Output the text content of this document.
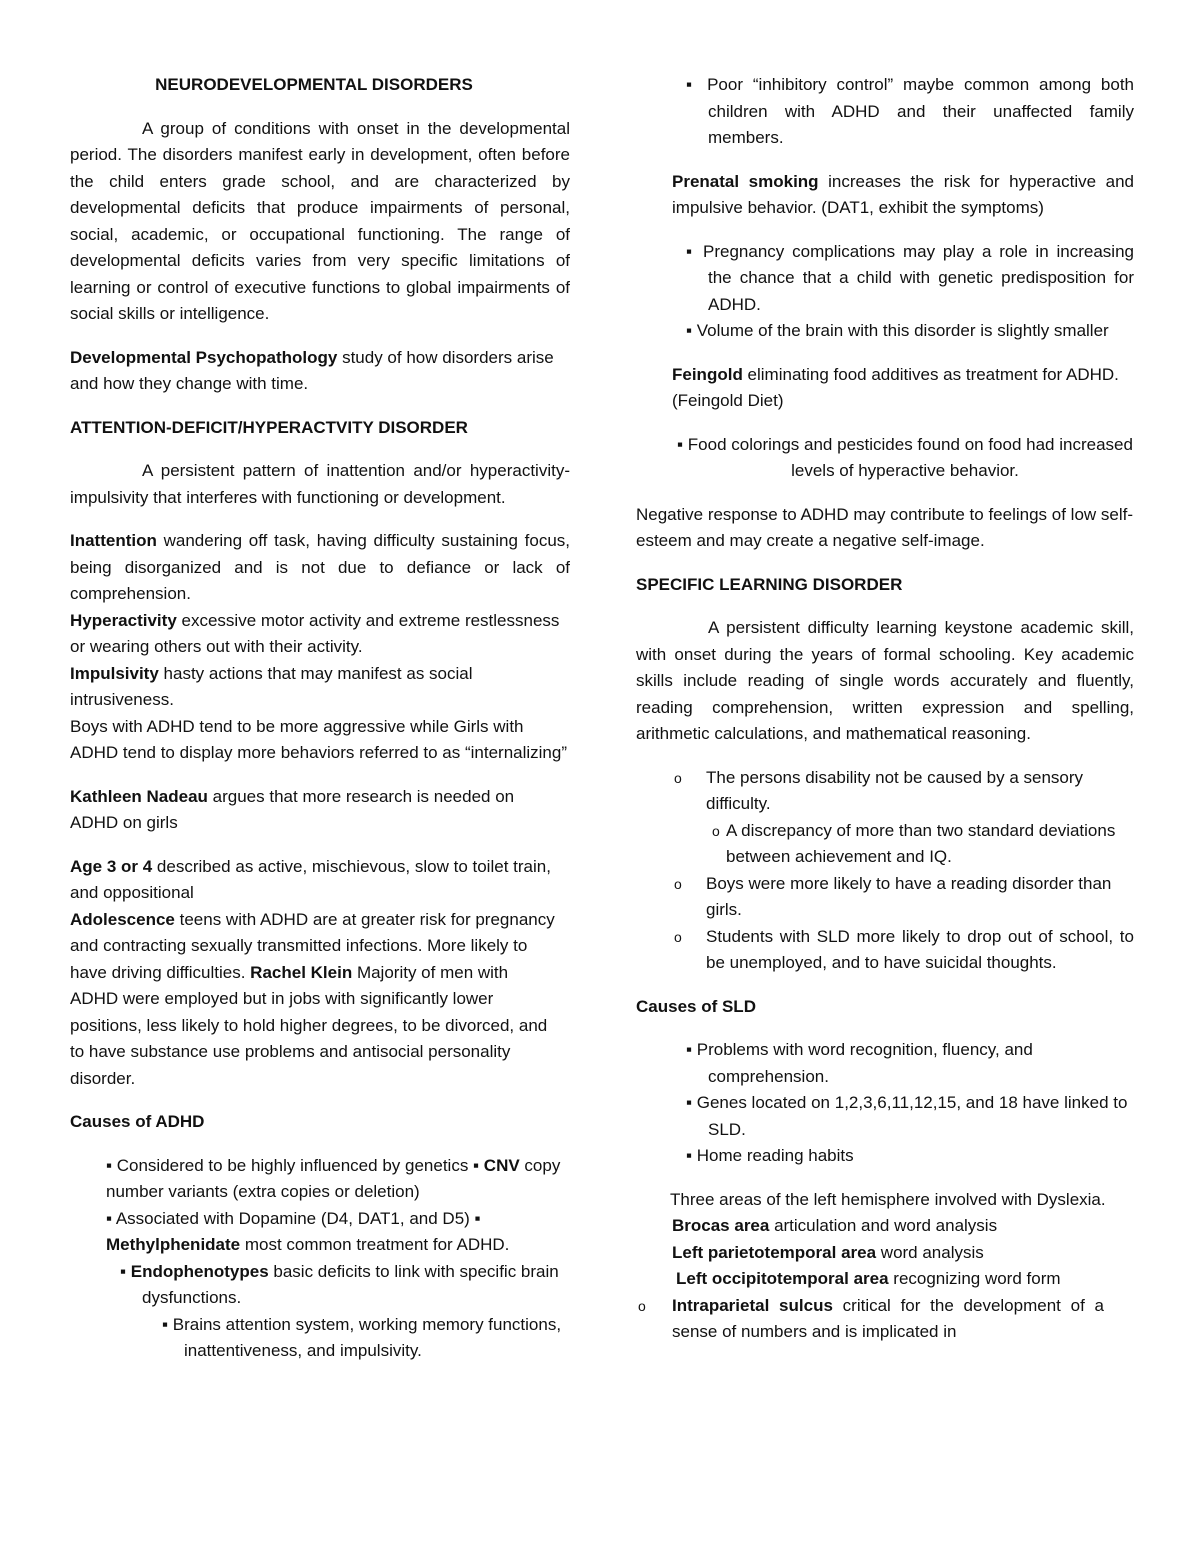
NEURODEVELOPMENTAL DISORDERS

A group of conditions with onset in the developmental period. The disorders manifest early in development, often before the child enters grade school, and are characterized by developmental deficits that produce impairments of personal, social, academic, or occupational functioning. The range of developmental deficits varies from very specific limitations of learning or control of executive functions to global impairments of social skills or intelligence.

Developmental Psychopathology study of how disorders arise and how they change with time.

ATTENTION-DEFICIT/HYPERACTVITY DISORDER

A persistent pattern of inattention and/or hyperactivity-impulsivity that interferes with functioning or development.

Inattention wandering off task, having difficulty sustaining focus, being disorganized and is not due to defiance or lack of comprehension.

Hyperactivity excessive motor activity and extreme restlessness or wearing others out with their activity.

Impulsivity hasty actions that may manifest as social intrusiveness.

Boys with ADHD tend to be more aggressive while Girls with ADHD tend to display more behaviors referred to as “internalizing”

Kathleen Nadeau argues that more research is needed on ADHD on girls

Age 3 or 4 described as active, mischievous, slow to toilet train, and oppositional

Adolescence teens with ADHD are at greater risk for pregnancy and contracting sexually transmitted infections. More likely to have driving difficulties. Rachel Klein Majority of men with ADHD were employed but in jobs with significantly lower positions, less likely to hold higher degrees, to be divorced, and to have substance use problems and antisocial personality disorder.

Causes of ADHD

▪ Considered to be highly influenced by genetics ▪ CNV copy number variants (extra copies or deletion)
▪ Associated with Dopamine (D4, DAT1, and D5) ▪ Methylphenidate most common treatment for ADHD.

▪ Endophenotypes basic deficits to link with specific brain dysfunctions.

▪ Brains attention system, working memory functions, inattentiveness, and impulsivity.

▪ Poor “inhibitory control” maybe common among both children with ADHD and their unaffected family members.

Prenatal smoking increases the risk for hyperactive and impulsive behavior. (DAT1, exhibit the symptoms)

▪ Pregnancy complications may play a role in increasing the chance that a child with genetic predisposition for ADHD.

▪ Volume of the brain with this disorder is slightly smaller

Feingold eliminating food additives as treatment for ADHD. (Feingold Diet)

▪ Food colorings and pesticides found on food had increased levels of hyperactive behavior.

Negative response to ADHD may contribute to feelings of low self-esteem and may create a negative self-image.

SPECIFIC LEARNING DISORDER

A persistent difficulty learning keystone academic skill, with onset during the years of formal schooling. Key academic skills include reading of single words accurately and fluently, reading comprehension, written expression and spelling, arithmetic calculations, and mathematical reasoning.

o The persons disability not be caused by a sensory difficulty.

o A discrepancy of more than two standard deviations between achievement and IQ.

o Boys were more likely to have a reading disorder than girls.

o Students with SLD more likely to drop out of school, to be unemployed, and to have suicidal thoughts.

Causes of SLD

▪ Problems with word recognition, fluency, and comprehension.

▪ Genes located on 1,2,3,6,11,12,15, and 18 have linked to SLD.

▪ Home reading habits

Three areas of the left hemisphere involved with Dyslexia.

Brocas area articulation and word analysis

Left parietotemporal area word analysis

Left occipitotemporal area recognizing word form

o Intraparietal sulcus critical for the development of a sense of numbers and is implicated in
